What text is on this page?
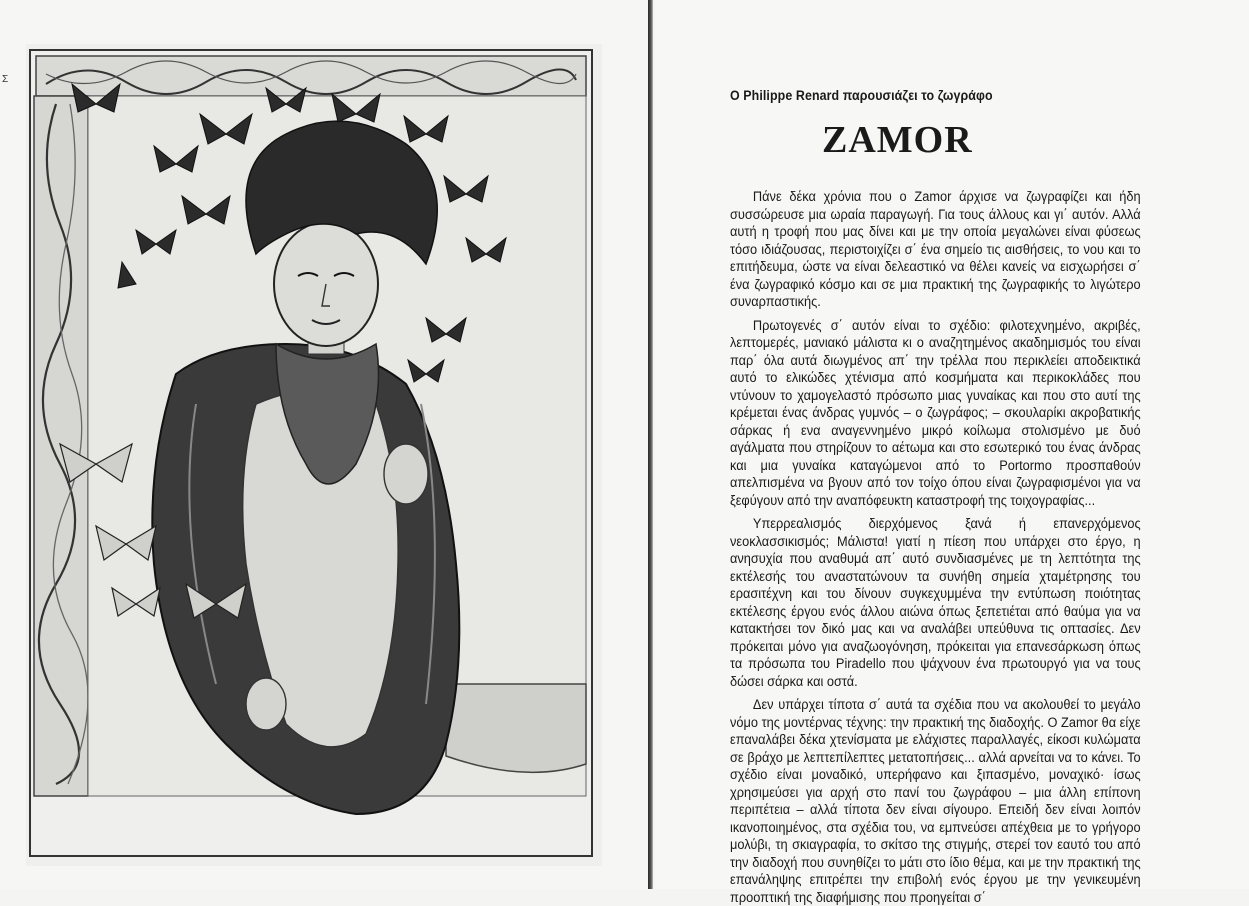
Σ
Ο Philippe Renard παρουσιάζει το ζωγράφο
ZAMOR

Πάνε δέκα χρόνια που ο Zamor άρχισε να ζωγραφίζει και ήδη συσσώρευσε μια ωραία παραγωγή. Για τους άλλους και γι΄ αυτόν. Αλλά αυτή η τροφή που μας δίνει και με την οποία μεγαλώνει είναι φύσεως τόσο ιδιάζουσας, περιστοιχίζει σ΄ ένα σημείο τις αισθήσεις, το νου και το επιτήδευμα, ώστε να είναι δελεαστικό να θέλει κανείς να εισχωρήσει σ΄ ένα ζωγραφικό κόσμο και σε μια πρακτική της ζωγραφικής το λιγώτερο συναρπαστικής.

Πρωτογενές σ΄ αυτόν είναι το σχέδιο: φιλοτεχνημένο, ακριβές, λεπτομερές, μανιακό μάλιστα κι ο αναζητημένος ακαδημισμός του είναι παρ΄ όλα αυτά διωγμένος απ΄ την τρέλλα που περικλείει αποδεικτικά αυτό το ελικώδες χτένισμα από κοσμήματα και περικοκλάδες που ντύνουν το χαμογελαστό πρόσωπο μιας γυναίκας και που στο αυτί της κρέμεται ένας άνδρας γυμνός – ο ζωγράφος; – σκουλαρίκι ακροβατικής σάρκας ή ενα αναγεννημένο μικρό κοίλωμα στολισμένο με δυό αγάλματα που στηρίζουν το αέτωμα και στο εσωτερικό του ένας άνδρας και μια γυναίκα καταγώμενοι από το Portormo προσπαθούν απελπισμένα να βγουν από τον τοίχο όπου είναι ζωγραφισμένοι για να ξεφύγουν από την αναπόφευκτη καταστροφή της τοιχογραφίας...

Υπερρεαλισμός διερχόμενος ξανά ή επανερχόμενος νεοκλασσικισμός; Μάλιστα! γιατί η πίεση που υπάρχει στο έργο, η ανησυχία που αναθυμά απ΄ αυτό συνδιασμένες με τη λεπτότητα της εκτέλεσής του αναστατώνουν τα συνήθη σημεία χταμέτρησης του ερασιτέχνη και του δίνουν συγκεχυμμένα την εντύπωση ποιότητας εκτέλεσης έργου ενός άλλου αιώνα όπως ξεπετιέται από θαύμα για να κατακτήσει τον δικό μας και να αναλάβει υπεύθυνα τις οπτασίες. Δεν πρόκειται μόνο για αναζωογόνηση, πρόκειται για επανεσάρκωση όπως τα πρόσωπα του Piradello που ψάχνουν ένα πρωτουργό για να τους δώσει σάρκα και οστά.

Δεν υπάρχει τίποτα σ΄ αυτά τα σχέδια που να ακολουθεί το μεγάλο νόμο της μοντέρνας τέχνης: την πρακτική της διαδοχής. Ο Zamor θα είχε επαναλάβει δέκα χτενίσματα με ελάχιστες παραλλαγές, είκοσι κυλώματα σε βράχο με λεπτεπίλεπτες μετατοπήσεις... αλλά αρνείται να το κάνει. Το σχέδιο είναι μοναδικό, υπερήφανο και ξιπασμένο, μοναχικό· ίσως χρησιμεύσει για αρχή στο πανί του ζωγράφου – μια άλλη επίπονη περιπέτεια – αλλά τίποτα δεν είναι σίγουρο. Επειδή δεν είναι λοιπόν ικανοποιημένος, στα σχέδια του, να εμπνεύσει απέχθεια με το γρήγορο μολύβι, τη σκιαγραφία, το σκίτσο της στιγμής, στερεί τον εαυτό του από την διαδοχή που συνηθίζει το μάτι στο ίδιο θέμα, και με την πρακτική της επανάληψης επιτρέπει την επιβολή ενός έργου με την γενικευμένη προοπτική της διαφήμισης που προηγείται σ΄
